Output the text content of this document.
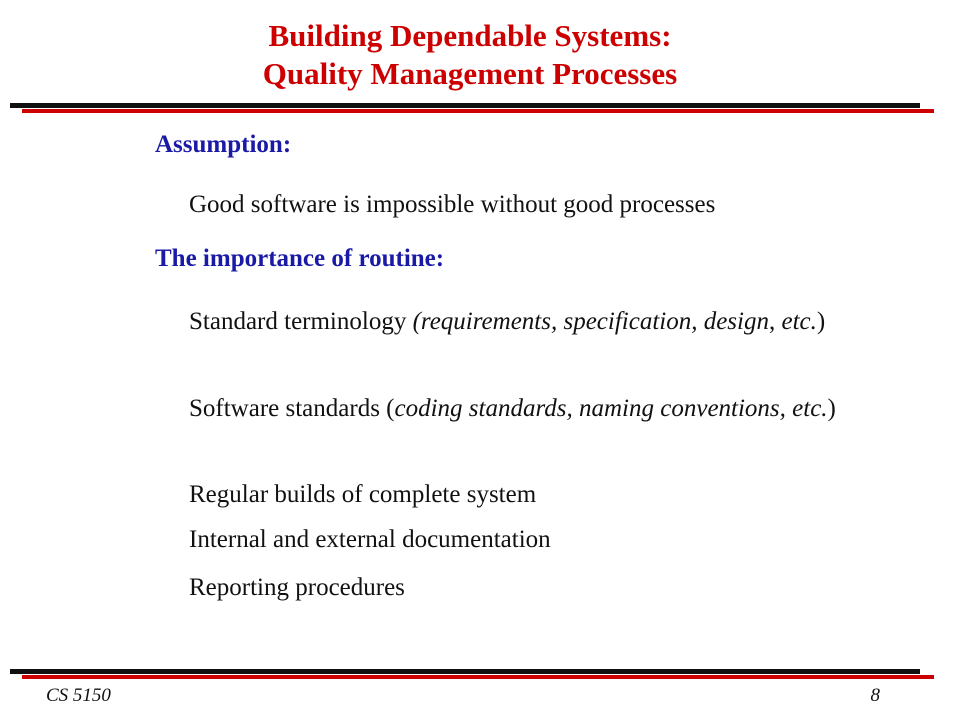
Building Dependable Systems:
Quality Management Processes
Assumption:
Good software is impossible without good processes
The importance of routine:
Standard terminology (requirements, specification, design, etc.)
Software standards (coding standards, naming conventions, etc.)
Regular builds of complete system
Internal and external documentation
Reporting procedures
CS 5150	8
